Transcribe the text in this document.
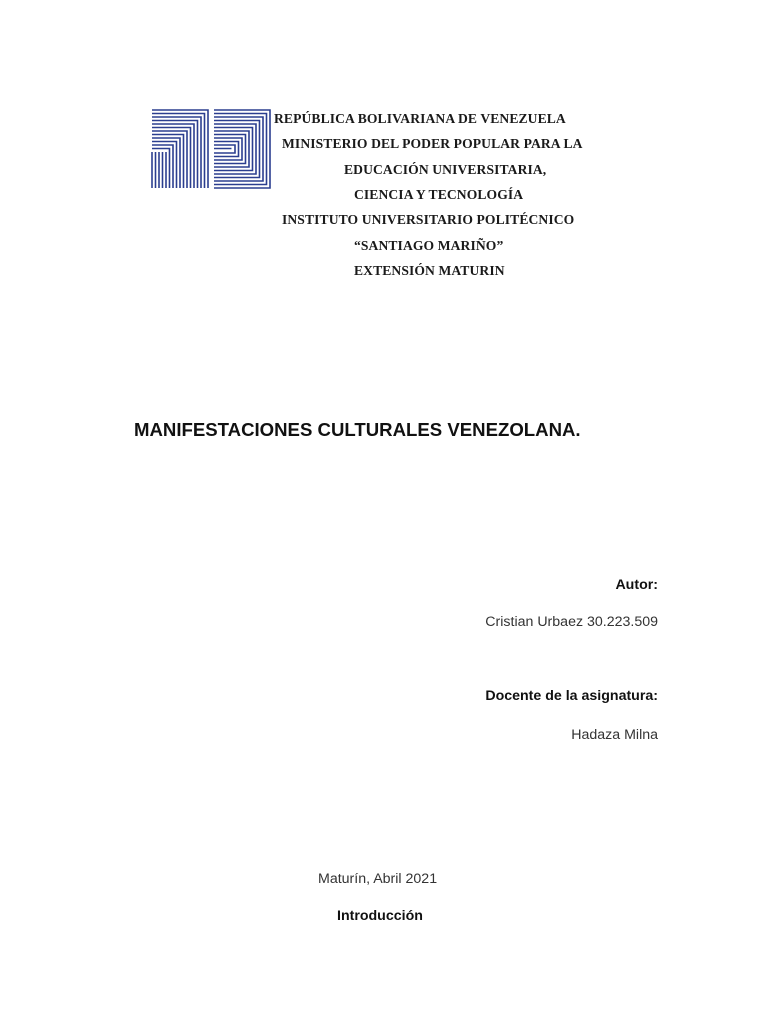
REPÚBLICA BOLIVARIANA DE VENEZUELA
MINISTERIO DEL PODER POPULAR PARA LA
EDUCACIÓN UNIVERSITARIA,
CIENCIA Y TECNOLOGÍA
INSTITUTO UNIVERSITARIO POLITÉCNICO
“SANTIAGO MARIÑO”
EXTENSIÓN MATURIN
MANIFESTACIONES CULTURALES VENEZOLANA.
Autor:
Cristian Urbaez 30.223.509
Docente de la asignatura:
Hadaza Milna
Maturín, Abril 2021
Introducción
